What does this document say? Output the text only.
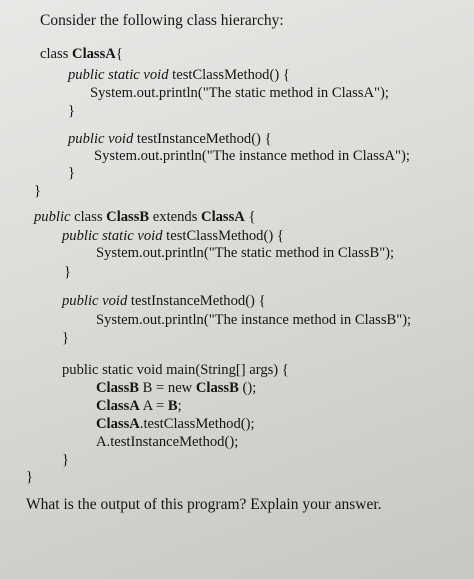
Consider the following class hierarchy:
class ClassA{
public static void testClassMethod() {
System.out.println("The static method in ClassA");
}
public void testInstanceMethod() {
System.out.println("The instance method in ClassA");
}
}
public class ClassB extends ClassA {
public static void testClassMethod() {
System.out.println("The static method in ClassB");
}
public void testInstanceMethod() {
System.out.println("The instance method in ClassB");
}
public static void main(String[] args) {
ClassB B = new ClassB ();
ClassA A = B;
ClassA.testClassMethod();
A.testInstanceMethod();
}
}
What is the output of this program? Explain your answer.
